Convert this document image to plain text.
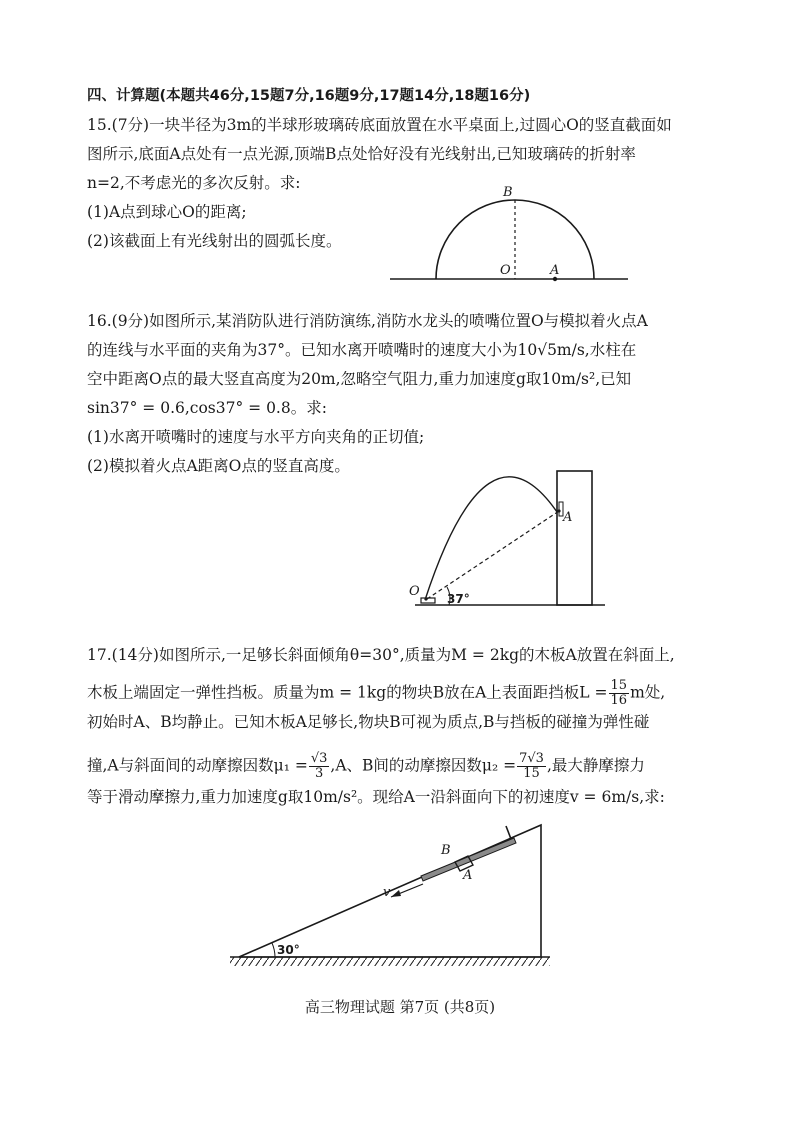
四、计算题(本题共46分,15题7分,16题9分,17题14分,18题16分)
15.(7分)一块半径为3m的半球形玻璃砖底面放置在水平桌面上,过圆心O的竖直截面如
图所示,底面A点处有一点光源,顶端B点处恰好没有光线射出,已知玻璃砖的折射率
n=2,不考虑光的多次反射。求:
(1)A点到球心O的距离;
(2)该截面上有光线射出的圆弧长度。
B
O	A
16.(9分)如图所示,某消防队进行消防演练,消防水龙头的喷嘴位置O与模拟着火点A
的连线与水平面的夹角为37°。已知水离开喷嘴时的速度大小为10√5m/s,水柱在
空中距离O点的最大竖直高度为20m,忽略空气阻力,重力加速度g取10m/s²,已知
sin37° = 0.6,cos37° = 0.8。求:
(1)水离开喷嘴时的速度与水平方向夹角的正切值;
(2)模拟着火点A距离O点的竖直高度。
O
A
37°
17.(14分)如图所示,一足够长斜面倾角θ=30°,质量为M = 2kg的木板A放置在斜面上,
木板上端固定一弹性挡板。质量为m = 1kg的物块B放在A上表面距挡板$L = \frac{15}{16}$ m处,
初始时A、B均静止。已知木板A足够长,物块B可视为质点,B与挡板的碰撞为弹性碰
撞,A与斜面间的动摩擦因数$\mu_1 = \frac{√3}{3} ,A$、B间的动摩擦因数$\mu_2 = \frac{7√3}{15}$ ,最大静摩擦力
等于滑动摩擦力,重力加速度g取10m/s²。现给A一沿斜面向下的初速度v = 6m/s,求:
B
A
v
30°
高三物理试题 第7页 (共8页)
